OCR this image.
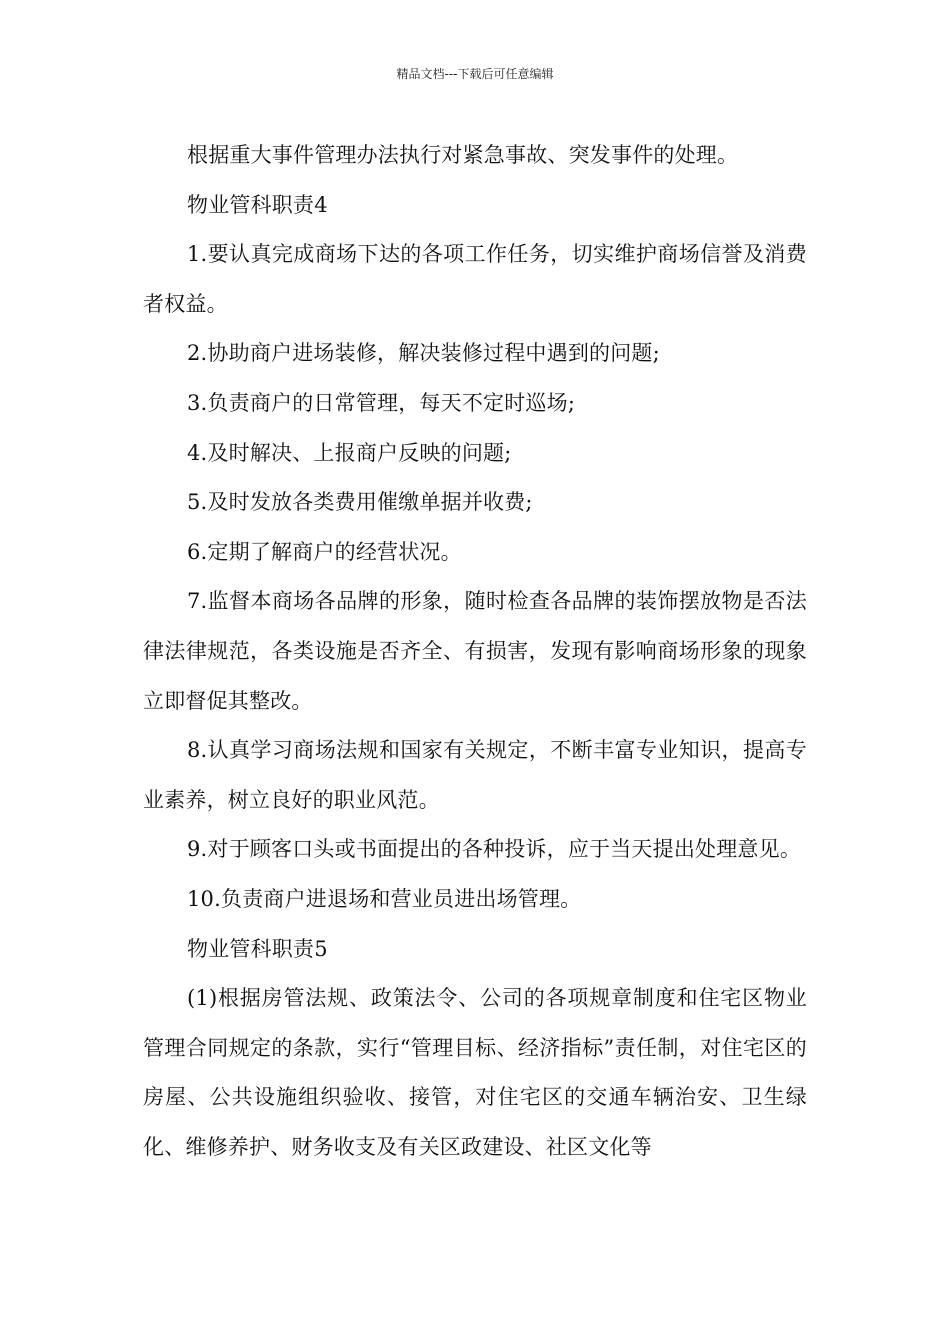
精品文档---下载后可任意编辑

根据重大事件管理办法执行对紧急事故、突发事件的处理。

物业管科职责4

1.要认真完成商场下达的各项工作任务，切实维护商场信誉及消费者权益。

2.协助商户进场装修，解决装修过程中遇到的问题;

3.负责商户的日常管理，每天不定时巡场;

4.及时解决、上报商户反映的问题;

5.及时发放各类费用催缴单据并收费;

6.定期了解商户的经营状况。

7.监督本商场各品牌的形象，随时检查各品牌的装饰摆放物是否法律法律规范，各类设施是否齐全、有损害，发现有影响商场形象的现象立即督促其整改。

8.认真学习商场法规和国家有关规定，不断丰富专业知识，提高专业素养，树立良好的职业风范。

9.对于顾客口头或书面提出的各种投诉，应于当天提出处理意见。

10.负责商户进退场和营业员进出场管理。

物业管科职责5

(1)根据房管法规、政策法令、公司的各项规章制度和住宅区物业管理合同规定的条款，实行“管理目标、经济指标”责任制，对住宅区的房屋、公共设施组织验收、接管，对住宅区的交通车辆治安、卫生绿化、维修养护、财务收支及有关区政建设、社区文化等
